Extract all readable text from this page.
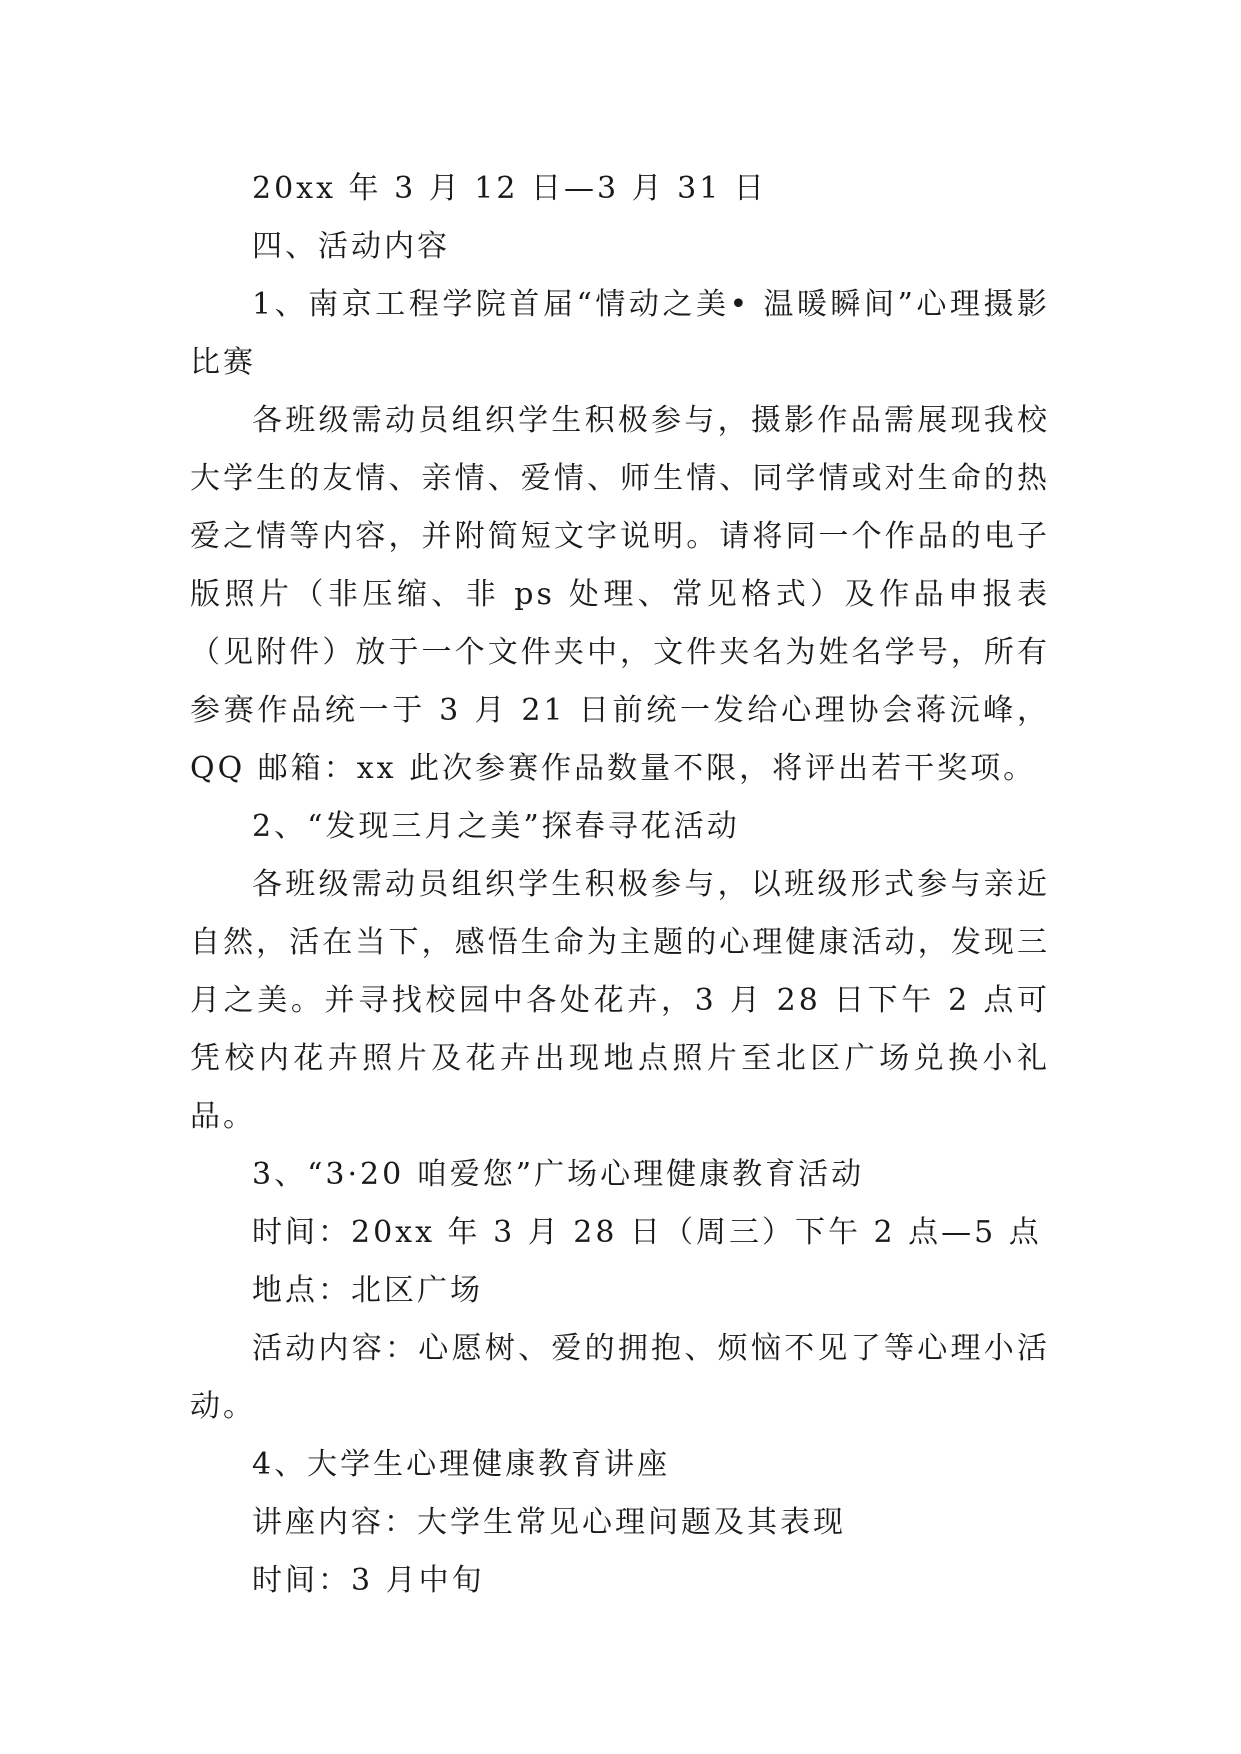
20xx 年 3 月 12 日—3 月 31 日

四、活动内容

1、南京工程学院首届“情动之美• 温暖瞬间”心理摄影比赛

各班级需动员组织学生积极参与，摄影作品需展现我校大学生的友情、亲情、爱情、师生情、同学情或对生命的热爱之情等内容，并附简短文字说明。请将同一个作品的电子版照片（非压缩、非 ps 处理、常见格式）及作品申报表（见附件）放于一个文件夹中，文件夹名为姓名学号，所有参赛作品统一于 3 月 21 日前统一发给心理协会蒋沅峰，QQ 邮箱：xx 此次参赛作品数量不限，将评出若干奖项。

2、“发现三月之美”探春寻花活动

各班级需动员组织学生积极参与，以班级形式参与亲近自然，活在当下，感悟生命为主题的心理健康活动，发现三月之美。并寻找校园中各处花卉，3 月 28 日下午 2 点可凭校内花卉照片及花卉出现地点照片至北区广场兑换小礼品。

3、“3·20 咱爱您”广场心理健康教育活动

时间：20xx 年 3 月 28 日（周三）下午 2 点—5 点

地点：北区广场

活动内容：心愿树、爱的拥抱、烦恼不见了等心理小活动。

4、大学生心理健康教育讲座

讲座内容：大学生常见心理问题及其表现

时间：3 月中旬
